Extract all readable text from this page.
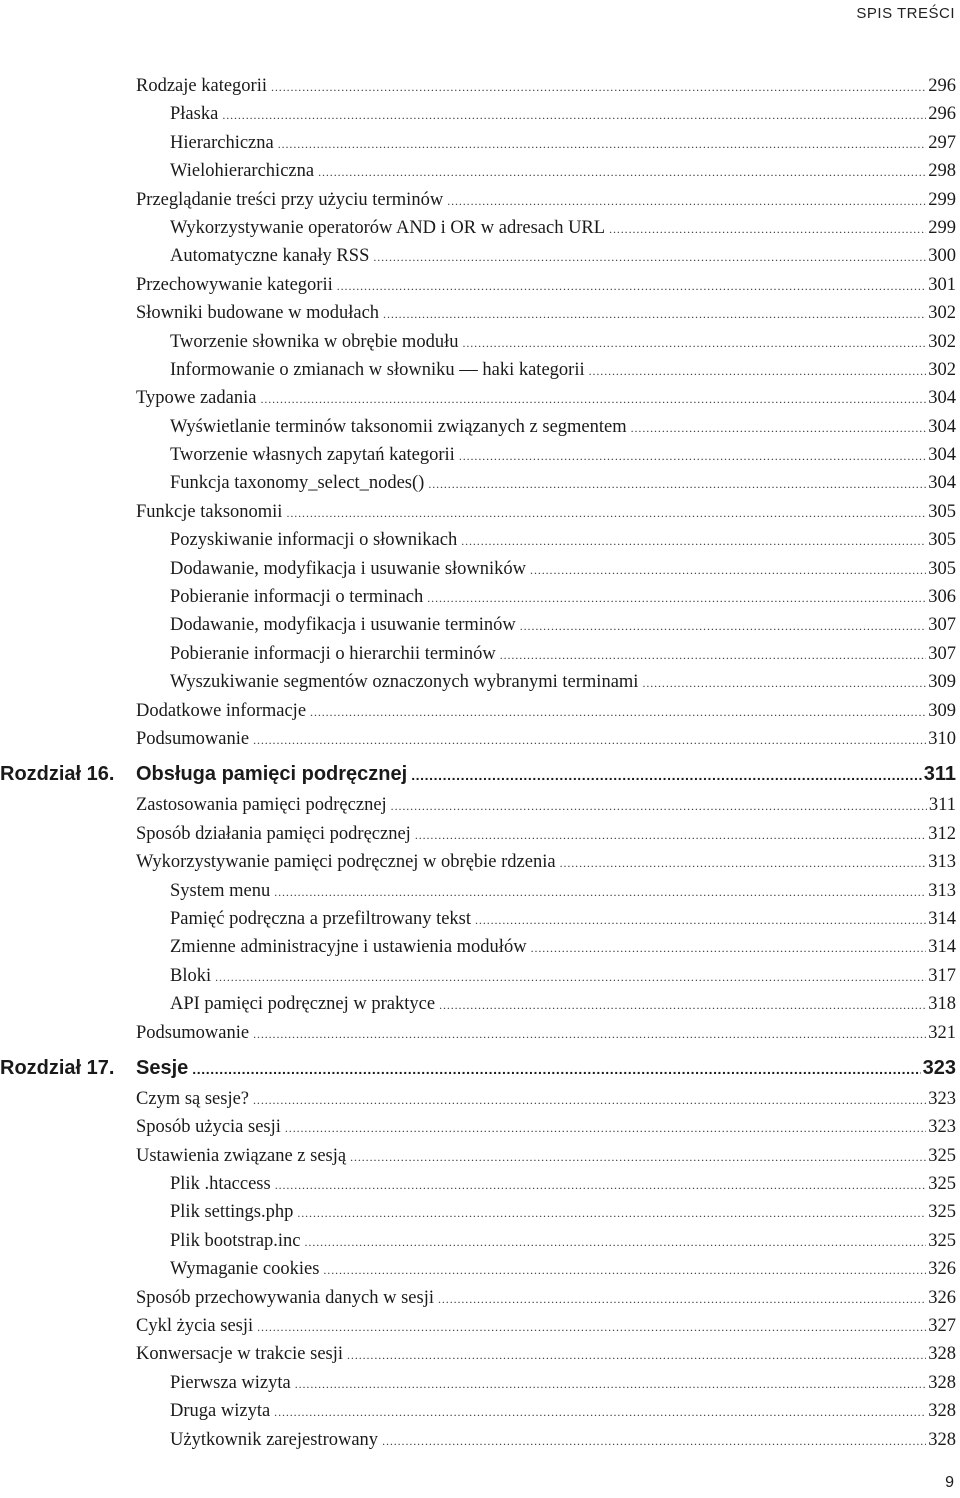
SPIS TREŚCI
Rodzaje kategorii .....	296
Płaska .....	296
Hierarchiczna .....	297
Wielohierarchiczna .....	298
Przeglądanie treści przy użyciu terminów .....	299
Wykorzystywanie operatorów AND i OR w adresach URL .....	299
Automatyczne kanały RSS .....	300
Przechowywanie kategorii .....	301
Słowniki budowane w modułach .....	302
Tworzenie słownika w obrębie modułu .....	302
Informowanie o zmianach w słowniku — haki kategorii .....	302
Typowe zadania .....	304
Wyświetlanie terminów taksonomii związanych z segmentem .....	304
Tworzenie własnych zapytań kategorii .....	304
Funkcja taxonomy_select_nodes() .....	304
Funkcje taksonomii .....	305
Pozyskiwanie informacji o słownikach .....	305
Dodawanie, modyfikacja i usuwanie słowników .....	305
Pobieranie informacji o terminach .....	306
Dodawanie, modyfikacja i usuwanie terminów .....	307
Pobieranie informacji o hierarchii terminów .....	307
Wyszukiwanie segmentów oznaczonych wybranymi terminami .....	309
Dodatkowe informacje .....	309
Podsumowanie .....	310
Rozdział 16.	Obsługa pamięci podręcznej .....	311
Zastosowania pamięci podręcznej .....	311
Sposób działania pamięci podręcznej .....	312
Wykorzystywanie pamięci podręcznej w obrębie rdzenia .....	313
System menu .....	313
Pamięć podręczna a przefiltrowany tekst .....	314
Zmienne administracyjne i ustawienia modułów .....	314
Bloki .....	317
API pamięci podręcznej w praktyce .....	318
Podsumowanie .....	321
Rozdział 17.	Sesje .....	323
Czym są sesje? .....	323
Sposób użycia sesji .....	323
Ustawienia związane z sesją .....	325
Plik .htaccess .....	325
Plik settings.php .....	325
Plik bootstrap.inc .....	325
Wymaganie cookies .....	326
Sposób przechowywania danych w sesji .....	326
Cykl życia sesji .....	327
Konwersacje w trakcie sesji .....	328
Pierwsza wizyta .....	328
Druga wizyta .....	328
Użytkownik zarejestrowany .....	328
9
